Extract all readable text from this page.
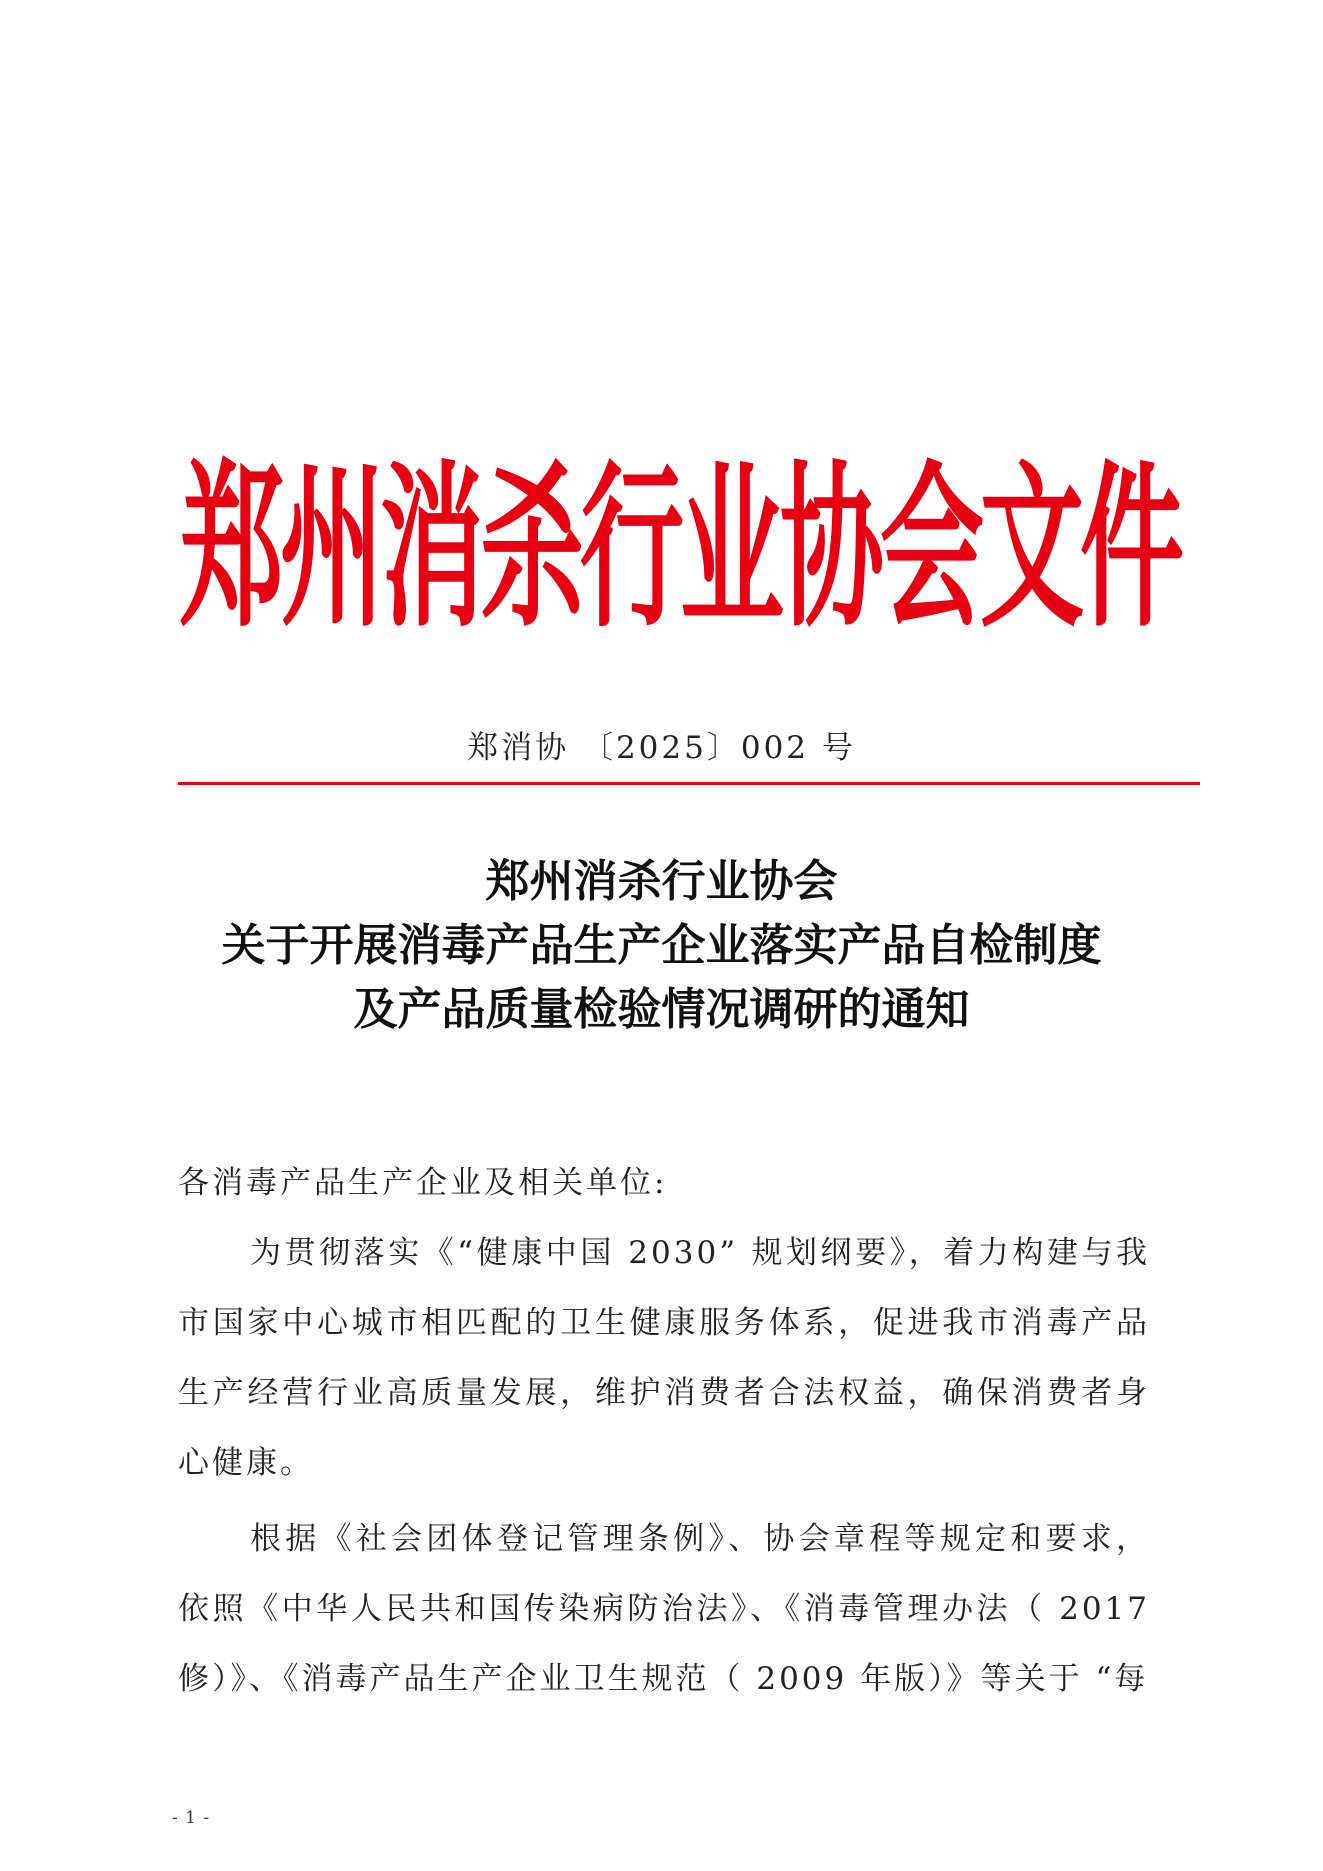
郑州消杀行业协会文件
郑消协 〔2025〕002 号
郑州消杀行业协会
关于开展消毒产品生产企业落实产品自检制度
及产品质量检验情况调研的通知

各消毒产品生产企业及相关单位:

为贯彻落实《“健康中国 2030” 规划纲要》，着力构建与我市国家中心城市相匹配的卫生健康服务体系，促进我市消毒产品生产经营行业高质量发展，维护消费者合法权益，确保消费者身心健康。

根据《社会团体登记管理条例》、协会章程等规定和要求，依照《中华人民共和国传染病防治法》、《消毒管理办法（ 2017 修）》、《消毒产品生产企业卫生规范（ 2009 年版）》等关于 “每

- 1 -
